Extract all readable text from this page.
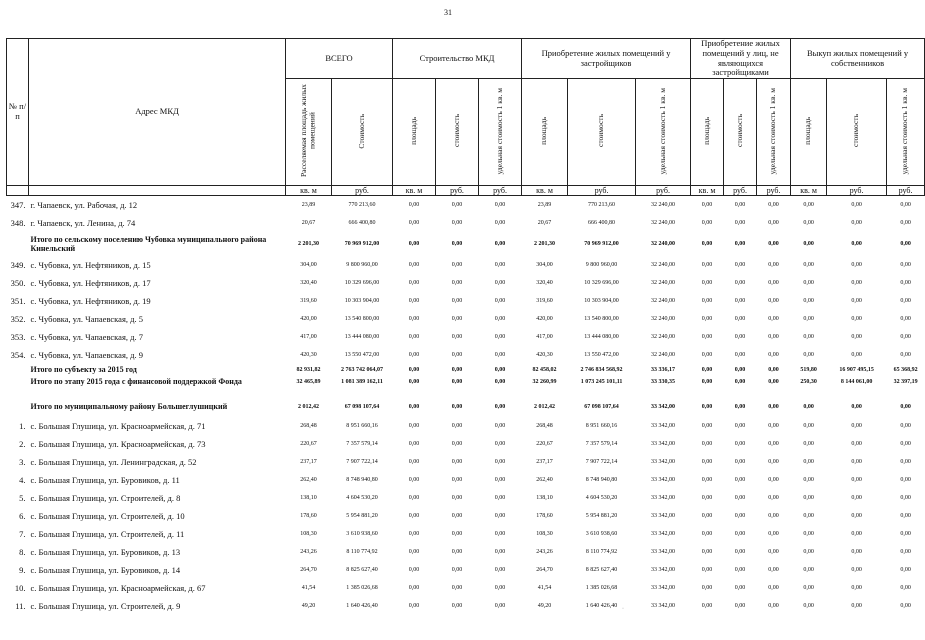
31
№ п/п	Адрес МКД	ВСЕГО		Строительство МКД			Приобретение жилых помещений у застройщиков			Приобретение жилых помещений у лиц, не являющихся застройщиками			Выкуп жилых помещений у собственников		
		Расселяемая площадь жилых помещений	Стоимость	площадь	стоимость	удельная стоимость 1 кв. м	площадь	стоимость	удельная стоимость 1 кв. м	площадь	стоимость	удельная стоимость 1 кв. м	площадь	стоимость	удельная стоимость 1 кв. м
		кв. м	руб.	кв. м	руб.	руб.	кв. м	руб.	руб.	кв. м	руб.	руб.	кв. м	руб.	руб.
347.	г. Чапаевск, ул. Рабочая, д. 12	23,89	770 213,60	0,00	0,00	0,00	23,89	770 213,60	32 240,00	0,00	0,00	0,00	0,00	0,00	0,00
348.	г. Чапаевск, ул. Ленина, д. 74	20,67	666 400,80	0,00	0,00	0,00	20,67	666 400,80	32 240,00	0,00	0,00	0,00	0,00	0,00	0,00
	Итого по сельскому поселению Чубовка муниципального района Кинельский	2 201,30	70 969 912,00	0,00	0,00	0,00	2 201,30	70 969 912,00	32 240,00	0,00	0,00	0,00	0,00	0,00	0,00
349.	с. Чубовка, ул. Нефтяников, д. 15	304,00	9 800 960,00	0,00	0,00	0,00	304,00	9 800 960,00	32 240,00	0,00	0,00	0,00	0,00	0,00	0,00
350.	с. Чубовка, ул. Нефтяников, д. 17	320,40	10 329 696,00	0,00	0,00	0,00	320,40	10 329 696,00	32 240,00	0,00	0,00	0,00	0,00	0,00	0,00
351.	с. Чубовка, ул. Нефтяников, д. 19	319,60	10 303 904,00	0,00	0,00	0,00	319,60	10 303 904,00	32 240,00	0,00	0,00	0,00	0,00	0,00	0,00
352.	с. Чубовка, ул. Чапаевская, д. 5	420,00	13 540 800,00	0,00	0,00	0,00	420,00	13 540 800,00	32 240,00	0,00	0,00	0,00	0,00	0,00	0,00
353.	с. Чубовка, ул. Чапаевская, д. 7	417,00	13 444 080,00	0,00	0,00	0,00	417,00	13 444 080,00	32 240,00	0,00	0,00	0,00	0,00	0,00	0,00
354.	с. Чубовка, ул. Чапаевская, д. 9	420,30	13 550 472,00	0,00	0,00	0,00	420,30	13 550 472,00	32 240,00	0,00	0,00	0,00	0,00	0,00	0,00
	Итого по субъекту за 2015 год	82 931,82	2 763 742 064,07	0,00	0,00	0,00	82 458,02	2 746 834 568,92	33 336,17	0,00	0,00	0,00	519,80	16 907 495,15	65 368,92
	Итого по этапу 2015 года с финансовой поддержкой Фонда	32 465,89	1 081 389 162,11	0,00	0,00	0,00	32 260,99	1 073 245 101,11	33 330,35	0,00	0,00	0,00	250,30	8 144 061,00	32 397,19

	Итого по муниципальному району Большеглушицкий	2 012,42	67 098 107,64	0,00	0,00	0,00	2 012,42	67 098 107,64	33 342,00	0,00	0,00	0,00	0,00	0,00	0,00
1.	с. Большая Глушица, ул. Красноармейская, д. 71	268,48	8 951 660,16	0,00	0,00	0,00	268,48	8 951 660,16	33 342,00	0,00	0,00	0,00	0,00	0,00	0,00
2.	с. Большая Глушица, ул. Красноармейская, д. 73	220,67	7 357 579,14	0,00	0,00	0,00	220,67	7 357 579,14	33 342,00	0,00	0,00	0,00	0,00	0,00	0,00
3.	с. Большая Глушица, ул. Ленинградская, д. 52	237,17	7 907 722,14	0,00	0,00	0,00	237,17	7 907 722,14	33 342,00	0,00	0,00	0,00	0,00	0,00	0,00
4.	с. Большая Глушица, ул. Буровиков, д. 11	262,40	8 748 940,80	0,00	0,00	0,00	262,40	8 748 940,80	33 342,00	0,00	0,00	0,00	0,00	0,00	0,00
5.	с. Большая Глушица, ул. Строителей, д. 8	138,10	4 604 530,20	0,00	0,00	0,00	138,10	4 604 530,20	33 342,00	0,00	0,00	0,00	0,00	0,00	0,00
6.	с. Большая Глушица, ул. Строителей, д. 10	178,60	5 954 881,20	0,00	0,00	0,00	178,60	5 954 881,20	33 342,00	0,00	0,00	0,00	0,00	0,00	0,00
7.	с. Большая Глушица, ул. Строителей, д. 11	108,30	3 610 938,60	0,00	0,00	0,00	108,30	3 610 938,60	33 342,00	0,00	0,00	0,00	0,00	0,00	0,00
8.	с. Большая Глушица, ул. Буровиков, д. 13	243,26	8 110 774,92	0,00	0,00	0,00	243,26	8 110 774,92	33 342,00	0,00	0,00	0,00	0,00	0,00	0,00
9.	с. Большая Глушица, ул. Буровиков, д. 14	264,70	8 825 627,40	0,00	0,00	0,00	264,70	8 825 627,40	33 342,00	0,00	0,00	0,00	0,00	0,00	0,00
10.	с. Большая Глушица, ул. Красноармейская, д. 67	41,54	1 385 026,68	0,00	0,00	0,00	41,54	1 385 026,68	33 342,00	0,00	0,00	0,00	0,00	0,00	0,00
11.	с. Большая Глушица, ул. Строителей, д. 9	49,20	1 640 426,40	0,00	0,00	0,00	49,20	1 640 426,40	33 342,00	0,00	0,00	0,00	0,00	0,00	0,00
·
